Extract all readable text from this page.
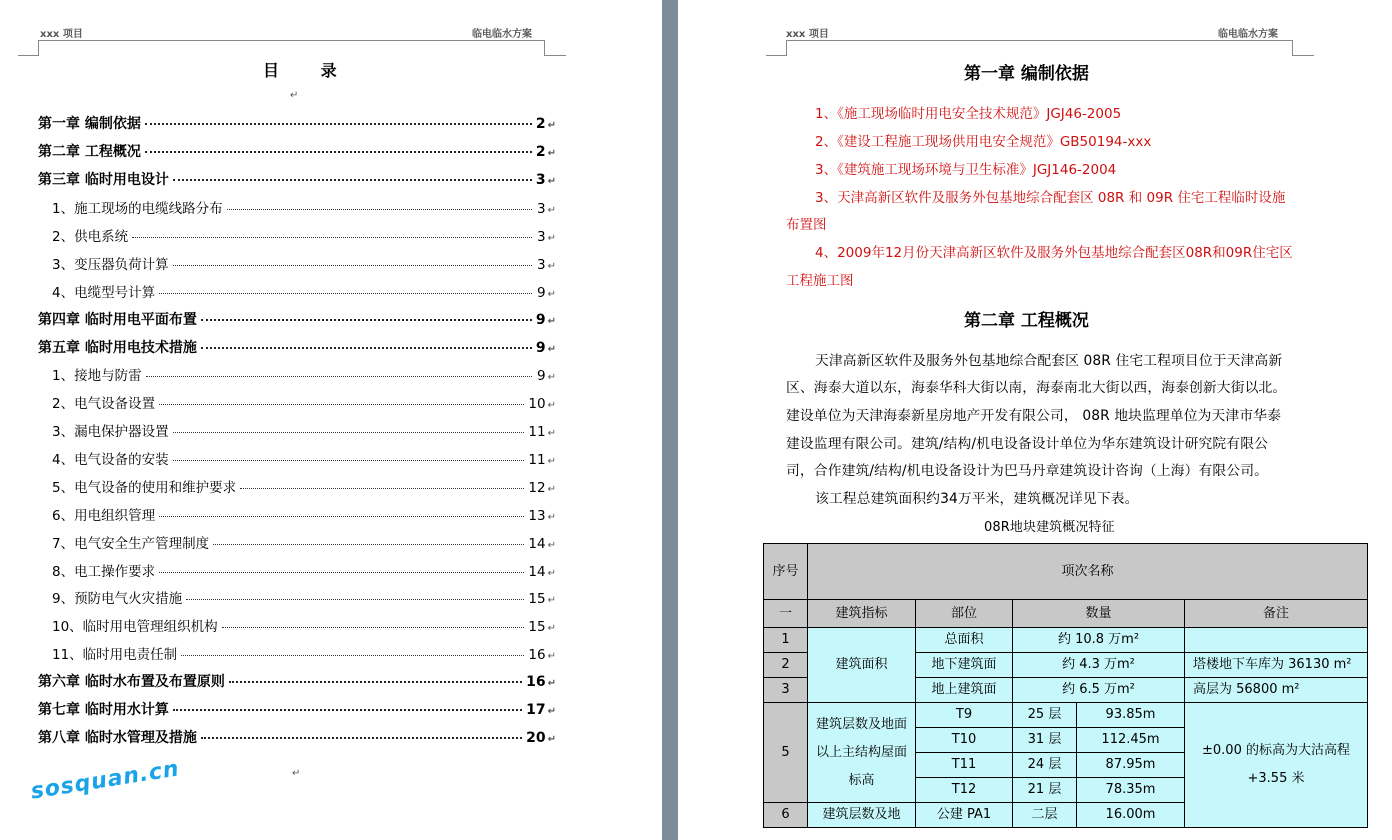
xxx 项目	临电临水方案
目 录
↵
第一章 编制依据	2 ↵
第二章 工程概况	2 ↵
第三章 临时用电设计	3 ↵
1、施工现场的电缆线路分布	3 ↵
2、供电系统	3 ↵
3、变压器负荷计算	3 ↵
4、电缆型号计算	9 ↵
第四章 临时用电平面布置	9 ↵
第五章 临时用电技术措施	9 ↵
1、接地与防雷	9 ↵
2、电气设备设置	10 ↵
3、漏电保护器设置	11 ↵
4、电气设备的安装	11 ↵
5、电气设备的使用和维护要求	12 ↵
6、用电组织管理	13 ↵
7、电气安全生产管理制度	14 ↵
8、电工操作要求	14 ↵
9、预防电气火灾措施	15 ↵
10、临时用电管理组织机构	15 ↵
11、临时用电责任制	16 ↵
第六章 临时水布置及布置原则	16 ↵
第七章 临时用水计算	17 ↵
第八章 临时水管理及措施	20 ↵
↵
sosquan.cn
xxx 项目	临电临水方案
第一章 编制依据
1、《施工现场临时用电安全技术规范》JGJ46-2005
2、《建设工程施工现场供用电安全规范》GB50194-xxx
3、《建筑施工现场环境与卫生标准》JGJ146-2004
3、天津高新区软件及服务外包基地综合配套区 08R 和 09R 住宅工程临时设施
布置图
4、2009年12月份天津高新区软件及服务外包基地综合配套区08R和09R住宅区
工程施工图
第二章 工程概况
天津高新区软件及服务外包基地综合配套区 08R 住宅工程项目位于天津高新
区、海泰大道以东，海泰华科大街以南，海泰南北大街以西，海泰创新大街以北。
建设单位为天津海泰新星房地产开发有限公司， 08R 地块监理单位为天津市华泰
建设监理有限公司。建筑/结构/机电设备设计单位为华东建筑设计研究院有限公
司，合作建筑/结构/机电设备设计为巴马丹章建筑设计咨询（上海）有限公司。
该工程总建筑面积约34万平米，建筑概况详见下表。
08R地块建筑概况特征
序号	项次名称				
一	建筑指标	部位	数量		备注
1	建筑面积	总面积	约 10.8 万m²		
2		地下建筑面	约 4.3 万m²		塔楼地下车库为 36130 m²
3		地上建筑面	约 6.5 万m²		高层为 56800 m²
5	建筑层数及地面以上主结构屋面标高	T9	25 层	93.85m	±0.00 的标高为大沽高程+3.55 米
		T10	31 层	112.45m	
		T11	24 层	87.95m	
		T12	21 层	78.35m	
6	建筑层数及地	公建 PA1	二层	16.00m	
